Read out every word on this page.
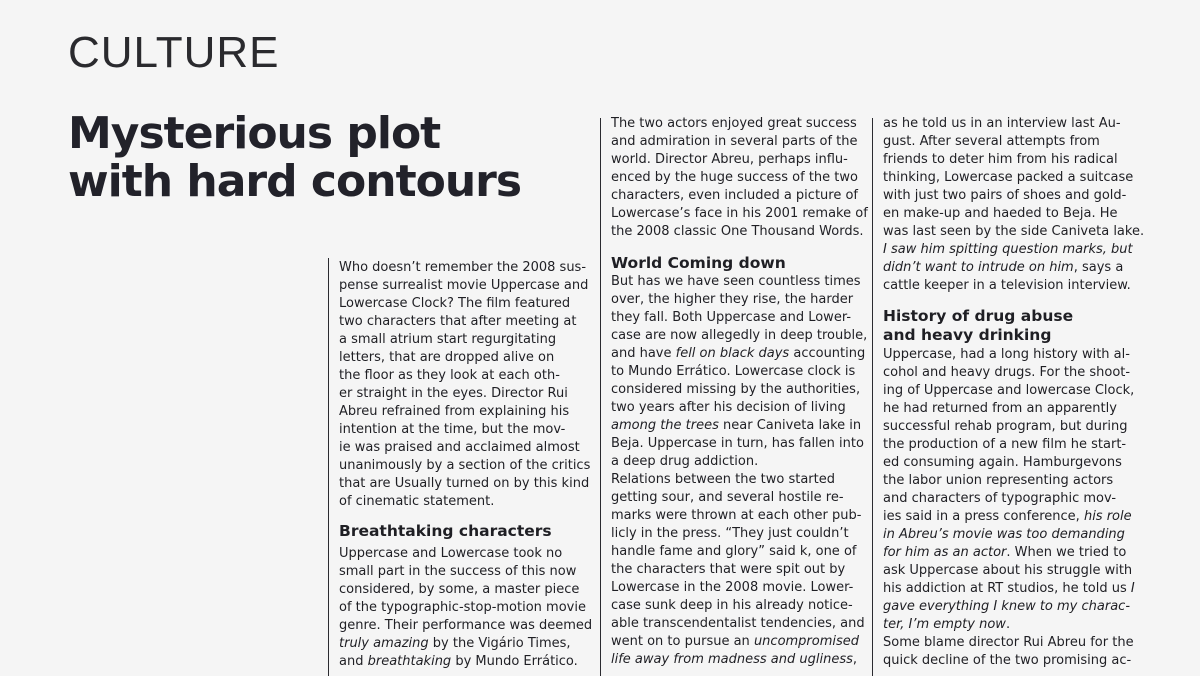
CULTURE
Mysterious plot
with hard contours

Who doesn’t remember the 2008 sus-
pense surrealist movie Uppercase and
Lowercase Clock? The film featured
two characters that after meeting at
a small atrium start regurgitating
letters, that are dropped alive on
the floor as they look at each oth-
er straight in the eyes. Director Rui
Abreu refrained from explaining his
intention at the time, but the mov-
ie was praised and acclaimed almost
unanimously by a section of the critics
that are Usually turned on by this kind
of cinematic statement.

Breathtaking characters

Uppercase and Lowercase took no
small part in the success of this now
considered, by some, a master piece
of the typographic-stop-motion movie
genre. Their performance was deemed
truly amazing by the Vigário Times,
and breathtaking by Mundo Errático.

The two actors enjoyed great success
and admiration in several parts of the
world. Director Abreu, perhaps influ-
enced by the huge success of the two
characters, even included a picture of
Lowercase’s face in his 2001 remake of
the 2008 classic One Thousand Words.

World Coming down

But has we have seen countless times
over, the higher they rise, the harder
they fall. Both Uppercase and Lower-
case are now allegedly in deep trouble,
and have fell on black days accounting
to Mundo Errático. Lowercase clock is
considered missing by the authorities,
two years after his decision of living
among the trees near Caniveta lake in
Beja. Uppercase in turn, has fallen into
a deep drug addiction.

Relations between the two started
getting sour, and several hostile re-
marks were thrown at each other pub-
licly in the press. “They just couldn’t
handle fame and glory” said k, one of
the characters that were spit out by
Lowercase in the 2008 movie. Lower-
case sunk deep in his already notice-
able transcendentalist tendencies, and
went on to pursue an uncompromised
life away from madness and ugliness,

as he told us in an interview last Au-
gust. After several attempts from
friends to deter him from his radical
thinking, Lowercase packed a suitcase
with just two pairs of shoes and gold-
en make-up and haeded to Beja. He
was last seen by the side Caniveta lake.
I saw him spitting question marks, but
didn’t want to intrude on him, says a
cattle keeper in a television interview.

History of drug abuse
and heavy drinking

Uppercase, had a long history with al-
cohol and heavy drugs. For the shoot-
ing of Uppercase and lowercase Clock,
he had returned from an apparently
successful rehab program, but during
the production of a new film he start-
ed consuming again. Hamburgevons
the labor union representing actors
and characters of typographic mov-
ies said in a press conference, his role
in Abreu’s movie was too demanding
for him as an actor. When we tried to
ask Uppercase about his struggle with
his addiction at RT studios, he told us I
gave everything I knew to my charac-
ter, I’m empty now.

Some blame director Rui Abreu for the
quick decline of the two promising ac-
